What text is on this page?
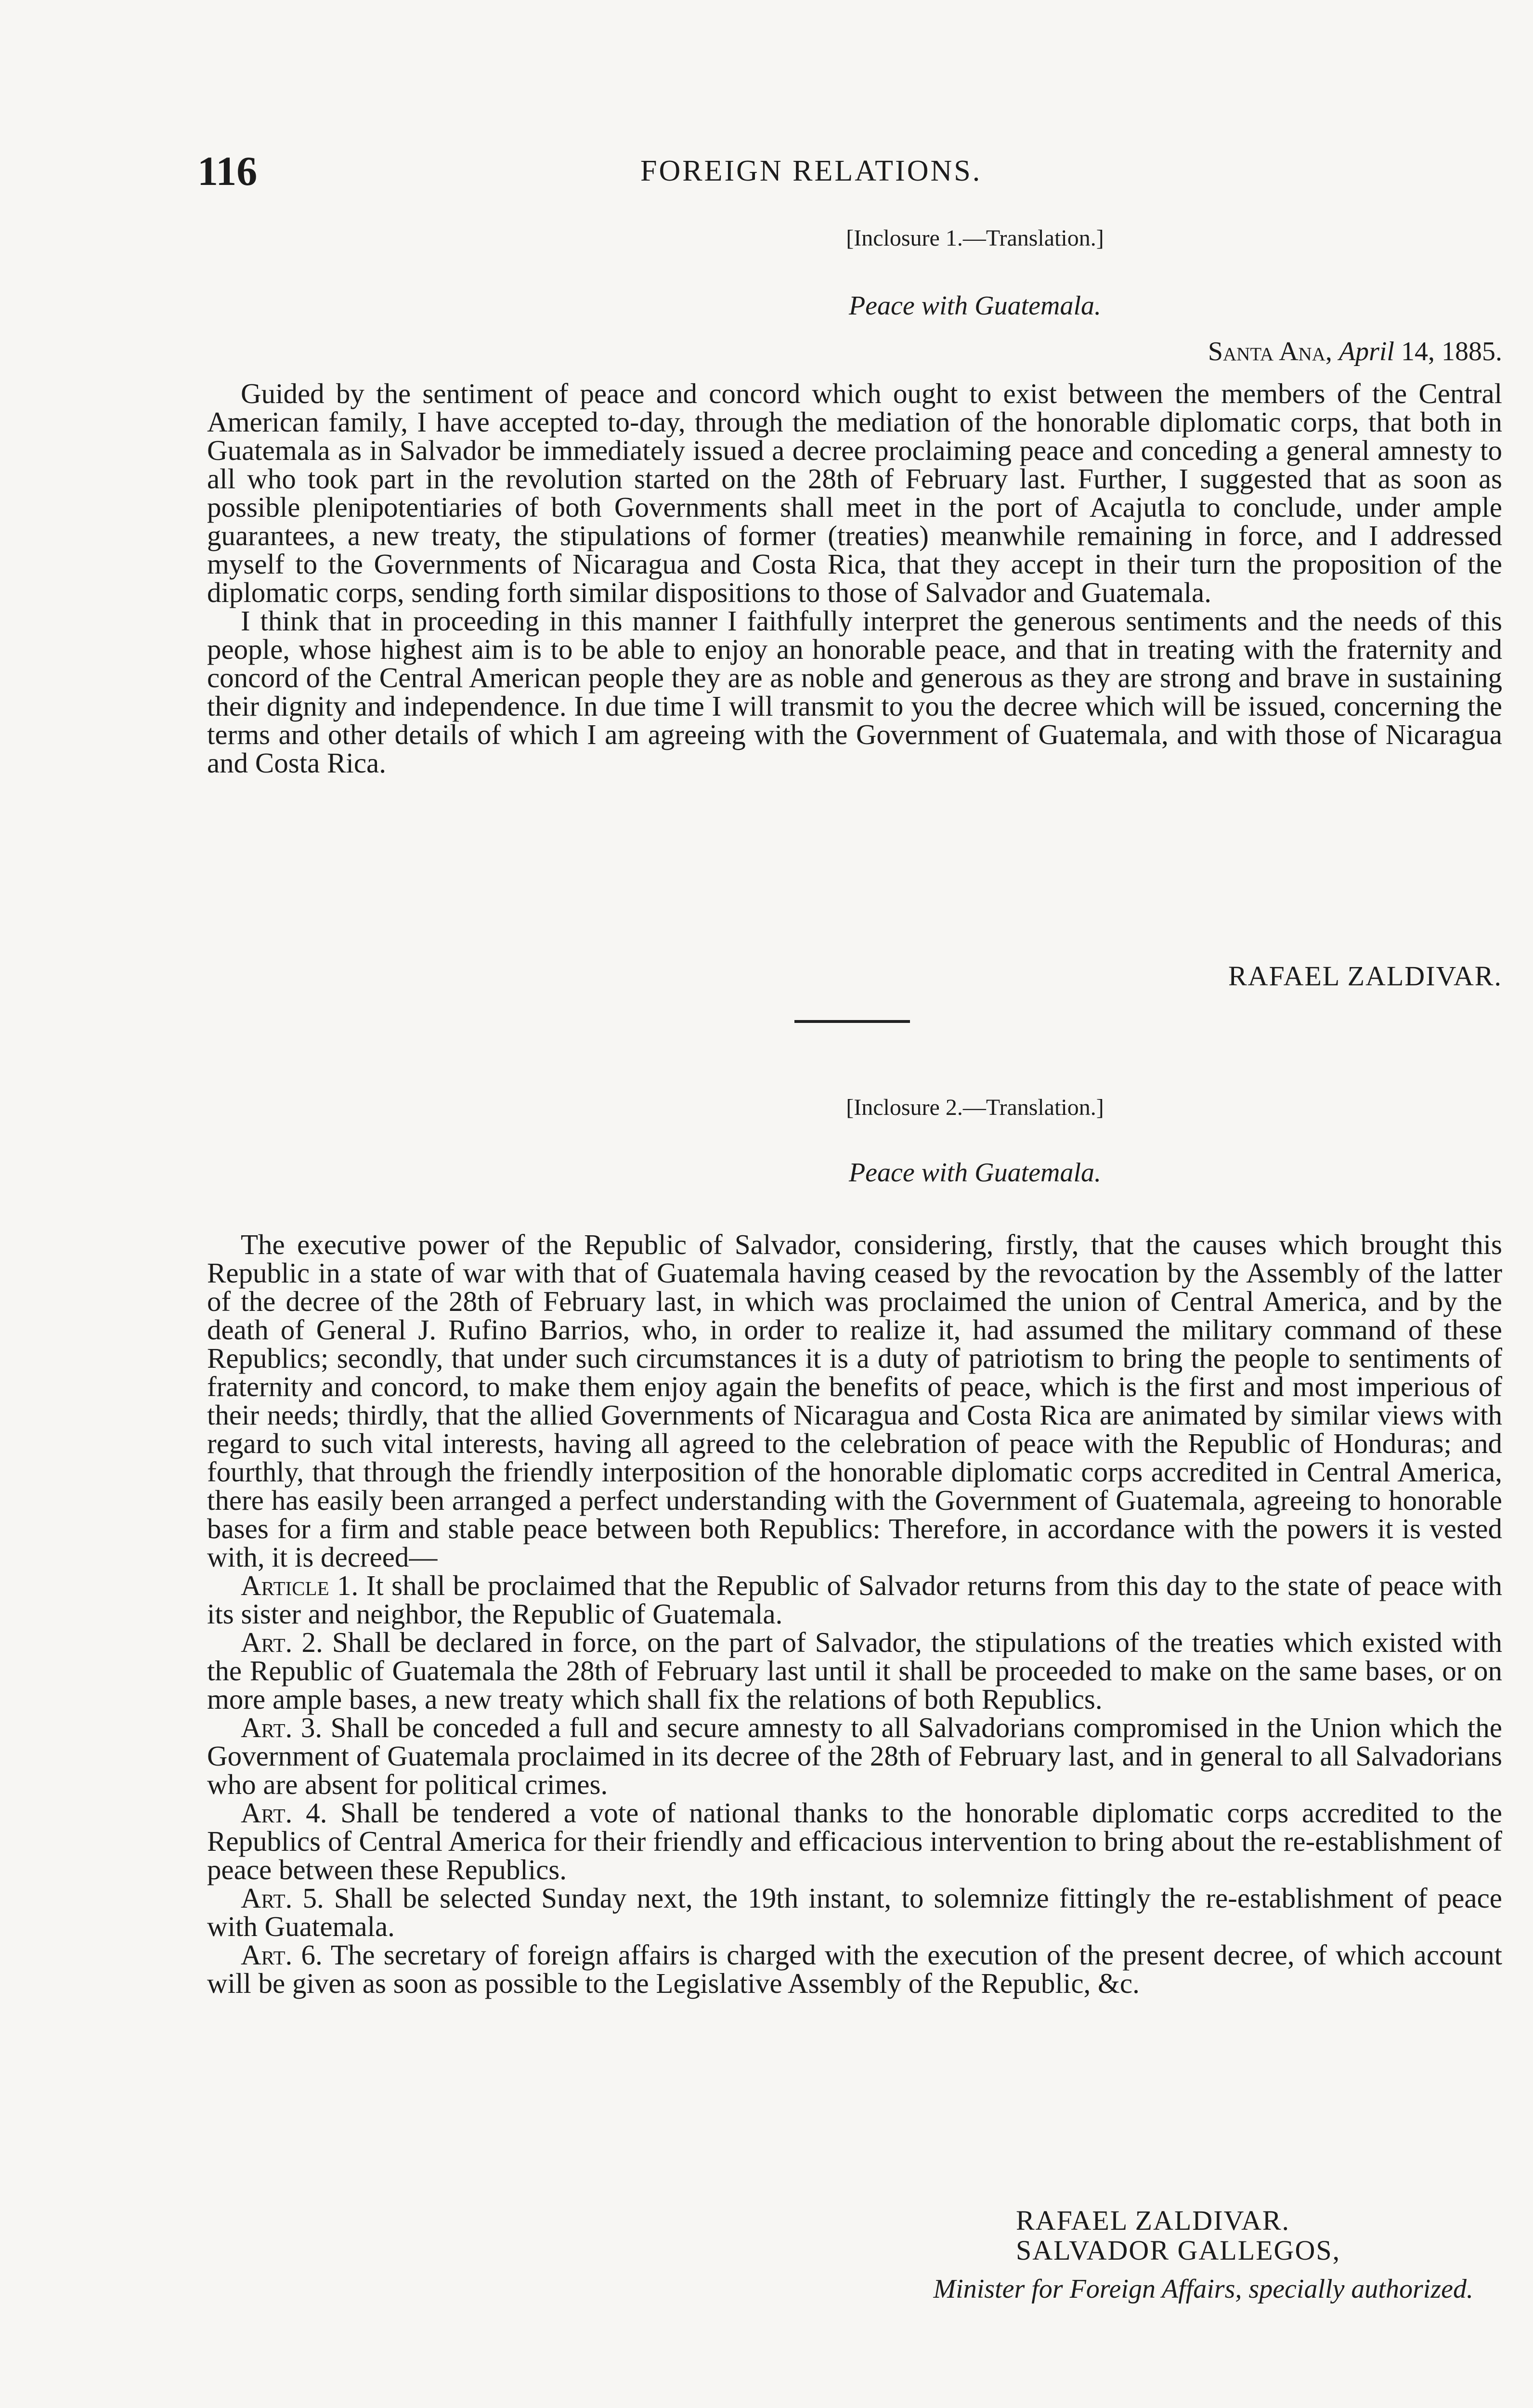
116	FOREIGN RELATIONS.
[Inclosure 1.—Translation.]
Peace with Guatemala.
Santa Ana, April 14, 1885.

Guided by the sentiment of peace and concord which ought to exist between the members of the Central American family, I have accepted to-day, through the mediation of the honorable diplomatic corps, that both in Guatemala as in Salvador be immediately issued a decree proclaiming peace and conceding a general amnesty to all who took part in the revolution started on the 28th of February last. Further, I suggested that as soon as possible plenipotentiaries of both Governments shall meet in the port of Acajutla to conclude, under ample guarantees, a new treaty, the stipulations of former (treaties) meanwhile remaining in force, and I addressed myself to the Governments of Nicaragua and Costa Rica, that they accept in their turn the proposition of the diplomatic corps, sending forth similar dispositions to those of Salvador and Guatemala.

I think that in proceeding in this manner I faithfully interpret the generous sentiments and the needs of this people, whose highest aim is to be able to enjoy an honorable peace, and that in treating with the fraternity and concord of the Central American people they are as noble and generous as they are strong and brave in sustaining their dignity and independence. In due time I will transmit to you the decree which will be issued, concerning the terms and other details of which I am agreeing with the Government of Guatemala, and with those of Nicaragua and Costa Rica.

RAFAEL ZALDIVAR.
[Inclosure 2.—Translation.]
Peace with Guatemala.

The executive power of the Republic of Salvador, considering, firstly, that the causes which brought this Republic in a state of war with that of Guatemala having ceased by the revocation by the Assembly of the latter of the decree of the 28th of February last, in which was proclaimed the union of Central America, and by the death of General J. Rufino Barrios, who, in order to realize it, had assumed the military command of these Republics; secondly, that under such circumstances it is a duty of patriotism to bring the people to sentiments of fraternity and concord, to make them enjoy again the benefits of peace, which is the first and most imperious of their needs; thirdly, that the allied Governments of Nicaragua and Costa Rica are animated by similar views with regard to such vital interests, having all agreed to the celebration of peace with the Republic of Honduras; and fourthly, that through the friendly interposition of the honorable diplomatic corps accredited in Central America, there has easily been arranged a perfect understanding with the Government of Guatemala, agreeing to honorable bases for a firm and stable peace between both Republics: Therefore, in accordance with the powers it is vested with, it is decreed—

Article 1. It shall be proclaimed that the Republic of Salvador returns from this day to the state of peace with its sister and neighbor, the Republic of Guatemala.

Art. 2. Shall be declared in force, on the part of Salvador, the stipulations of the treaties which existed with the Republic of Guatemala the 28th of February last until it shall be proceeded to make on the same bases, or on more ample bases, a new treaty which shall fix the relations of both Republics.

Art. 3. Shall be conceded a full and secure amnesty to all Salvadorians compromised in the Union which the Government of Guatemala proclaimed in its decree of the 28th of February last, and in general to all Salvadorians who are absent for political crimes.

Art. 4. Shall be tendered a vote of national thanks to the honorable diplomatic corps accredited to the Republics of Central America for their friendly and efficacious intervention to bring about the re-establishment of peace between these Republics.

Art. 5. Shall be selected Sunday next, the 19th instant, to solemnize fittingly the re-establishment of peace with Guatemala.

Art. 6. The secretary of foreign affairs is charged with the execution of the present decree, of which account will be given as soon as possible to the Legislative Assembly of the Republic, &c.

RAFAEL ZALDIVAR.
SALVADOR GALLEGOS,
Minister for Foreign Affairs, specially authorized.
